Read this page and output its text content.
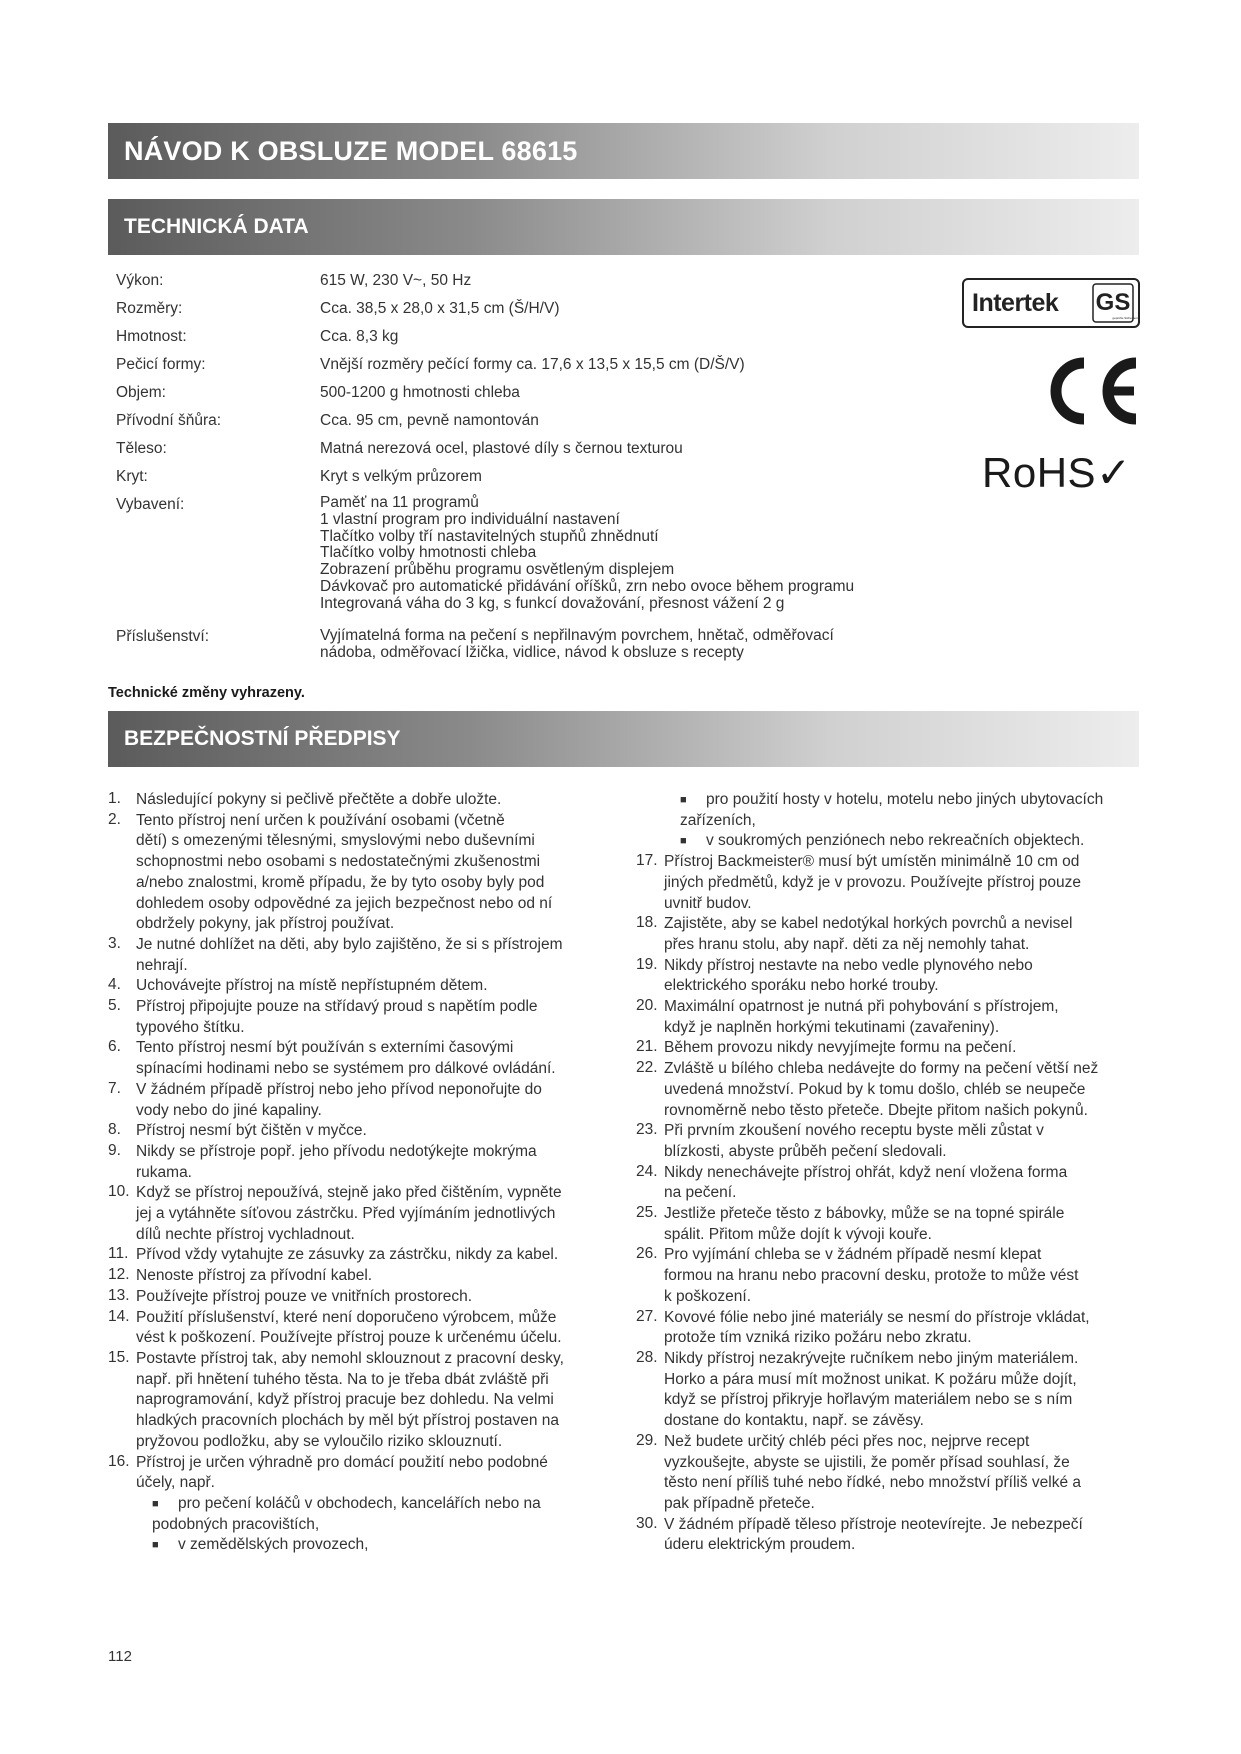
NÁVOD K OBSLUZE MODEL 68615
TECHNICKÁ DATA
Výkon:	615 W, 230 V~, 50 Hz
Rozměry:	Cca. 38,5 x 28,0 x 31,5 cm (Š/H/V)
Hmotnost:	Cca. 8,3 kg
Pečicí formy:	Vnější rozměry pečící formy ca. 17,6 x 13,5 x 15,5 cm (D/Š/V)
Objem:	500-1200 g hmotnosti chleba
Přívodní šňůra:	Cca. 95 cm, pevně namontován
Těleso:	Matná nerezová ocel, plastové díly s černou texturou
Kryt:	Kryt s velkým průzorem
Vybavení:	Paměť na 11 programů
1 vlastní program pro individuální nastavení
Tlačítko volby tří nastavitelných stupňů zhnědnutí
Tlačítko volby hmotnosti chleba
Zobrazení průběhu programu osvětleným displejem
Dávkovač pro automatické přidávání oříšků, zrn nebo ovoce během programu
Integrovaná váha do 3 kg, s funkcí dovažování, přesnost vážení 2 g
Příslušenství:	Vyjímatelná forma na pečení s nepřilnavým povrchem, hnětač, odměřovací
nádoba, odměřovací lžička, vidlice, návod k obsluze s recepty
Technické změny vyhrazeny.
Intertek GS
geprüfte Sicherheit
RoHS✓
BEZPEČNOSTNÍ PŘEDPISY
1. Následující pokyny si pečlivě přečtěte a dobře uložte.
2. Tento přístroj není určen k používání osobami (včetně
dětí) s omezenými tělesnými, smyslovými nebo duševními
schopnostmi nebo osobami s nedostatečnými zkušenostmi
a/nebo znalostmi, kromě případu, že by tyto osoby byly pod
dohledem osoby odpovědné za jejich bezpečnost nebo od ní
obdržely pokyny, jak přístroj používat.
3. Je nutné dohlížet na děti, aby bylo zajištěno, že si s přístrojem
nehrají.
4. Uchovávejte přístroj na místě nepřístupném dětem.
5. Přístroj připojujte pouze na střídavý proud s napětím podle
typového štítku.
6. Tento přístroj nesmí být používán s externími časovými
spínacími hodinami nebo se systémem pro dálkové ovládání.
7. V žádném případě přístroj nebo jeho přívod neponořujte do
vody nebo do jiné kapaliny.
8. Přístroj nesmí být čištěn v myčce.
9. Nikdy se přístroje popř. jeho přívodu nedotýkejte mokrýma
rukama.
10. Když se přístroj nepoužívá, stejně jako před čištěním, vypněte
jej a vytáhněte síťovou zástrčku. Před vyjímáním jednotlivých
dílů nechte přístroj vychladnout.
11. Přívod vždy vytahujte ze zásuvky za zástrčku, nikdy za kabel.
12. Nenoste přístroj za přívodní kabel.
13. Používejte přístroj pouze ve vnitřních prostorech.
14. Použití příslušenství, které není doporučeno výrobcem, může
vést k poškození. Používejte přístroj pouze k určenému účelu.
15. Postavte přístroj tak, aby nemohl sklouznout z pracovní desky,
např. při hnětení tuhého těsta. Na to je třeba dbát zvláště při
naprogramování, když přístroj pracuje bez dohledu. Na velmi
hladkých pracovních plochách by měl být přístroj postaven na
pryžovou podložku, aby se vyloučilo riziko sklouznutí.
16. Přístroj je určen výhradně pro domácí použití nebo podobné
účely, např.
■	pro pečení koláčů v obchodech, kancelářích nebo na
podobných pracovištích,
■	v zemědělských provozech,
■	pro použití hosty v hotelu, motelu nebo jiných ubytovacích
zařízeních,
■	v soukromých penziónech nebo rekreačních objektech.
17. Přístroj Backmeister® musí být umístěn minimálně 10 cm od
jiných předmětů, když je v provozu. Používejte přístroj pouze
uvnitř budov.
18. Zajistěte, aby se kabel nedotýkal horkých povrchů a nevisel
přes hranu stolu, aby např. děti za něj nemohly tahat.
19. Nikdy přístroj nestavte na nebo vedle plynového nebo
elektrického sporáku nebo horké trouby.
20. Maximální opatrnost je nutná při pohybování s přístrojem,
když je naplněn horkými tekutinami (zavařeniny).
21. Během provozu nikdy nevyjímejte formu na pečení.
22. Zvláště u bílého chleba nedávejte do formy na pečení větší než
uvedená množství. Pokud by k tomu došlo, chléb se neupeče
rovnoměrně nebo těsto přeteče. Dbejte přitom našich pokynů.
23. Při prvním zkoušení nového receptu byste měli zůstat v
blízkosti, abyste průběh pečení sledovali.
24. Nikdy nenechávejte přístroj ohřát, když není vložena forma
na pečení.
25. Jestliže přeteče těsto z bábovky, může se na topné spirále
spálit. Přitom může dojít k vývoji kouře.
26. Pro vyjímání chleba se v žádném případě nesmí klepat
formou na hranu nebo pracovní desku, protože to může vést
k poškození.
27. Kovové fólie nebo jiné materiály se nesmí do přístroje vkládat,
protože tím vzniká riziko požáru nebo zkratu.
28. Nikdy přístroj nezakrývejte ručníkem nebo jiným materiálem.
Horko a pára musí mít možnost unikat. K požáru může dojít,
když se přístroj přikryje hořlavým materiálem nebo se s ním
dostane do kontaktu, např. se závěsy.
29. Než budete určitý chléb péci přes noc, nejprve recept
vyzkoušejte, abyste se ujistili, že poměr přísad souhlasí, že
těsto není příliš tuhé nebo řídké, nebo množství příliš velké a
pak případně přeteče.
30. V žádném případě těleso přístroje neotevírejte. Je nebezpečí
úderu elektrickým proudem.
112
